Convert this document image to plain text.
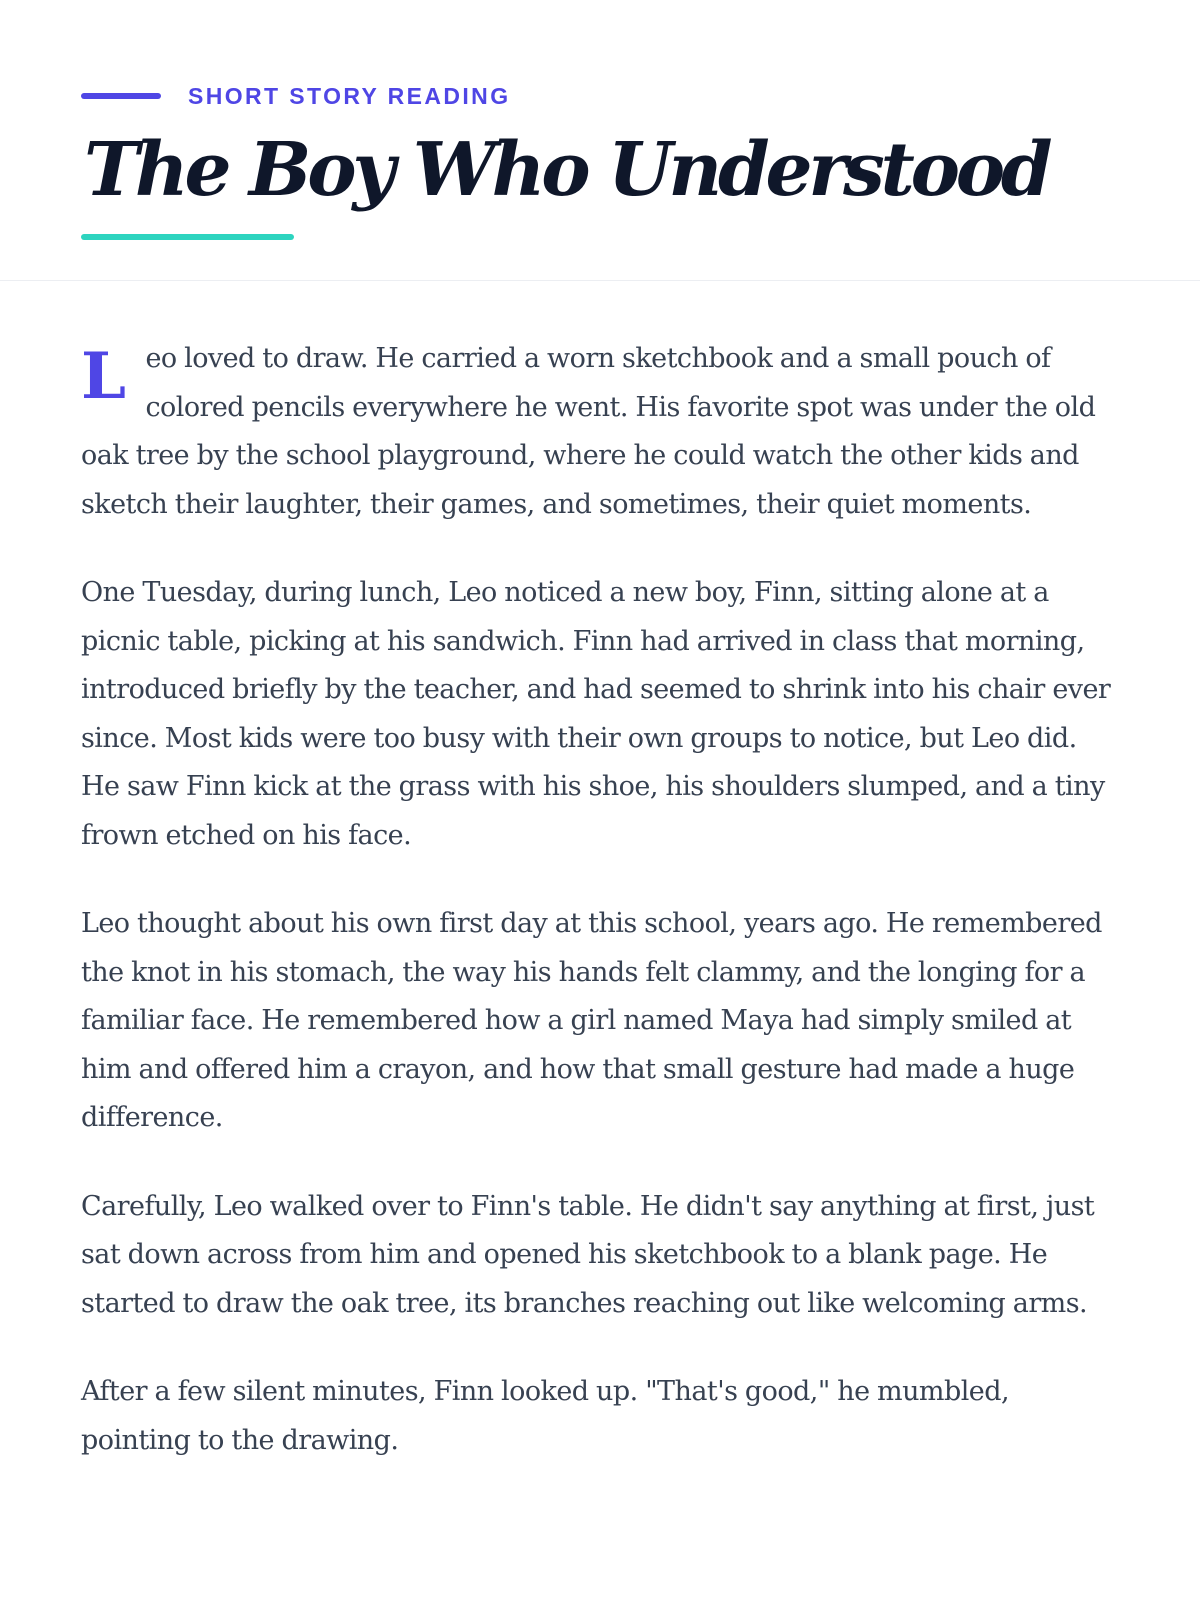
SHORT STORY READING
The Boy Who Understood

Leo loved to draw. He carried a worn sketchbook and a small pouch of colored pencils everywhere he went. His favorite spot was under the old oak tree by the school playground, where he could watch the other kids and sketch their laughter, their games, and sometimes, their quiet moments.

One Tuesday, during lunch, Leo noticed a new boy, Finn, sitting alone at a picnic table, picking at his sandwich. Finn had arrived in class that morning, introduced briefly by the teacher, and had seemed to shrink into his chair ever since. Most kids were too busy with their own groups to notice, but Leo did. He saw Finn kick at the grass with his shoe, his shoulders slumped, and a tiny frown etched on his face.

Leo thought about his own first day at this school, years ago. He remembered the knot in his stomach, the way his hands felt clammy, and the longing for a familiar face. He remembered how a girl named Maya had simply smiled at him and offered him a crayon, and how that small gesture had made a huge difference.

Carefully, Leo walked over to Finn's table. He didn't say anything at first, just sat down across from him and opened his sketchbook to a blank page. He started to draw the oak tree, its branches reaching out like welcoming arms.

After a few silent minutes, Finn looked up. "That's good," he mumbled, pointing to the drawing.
